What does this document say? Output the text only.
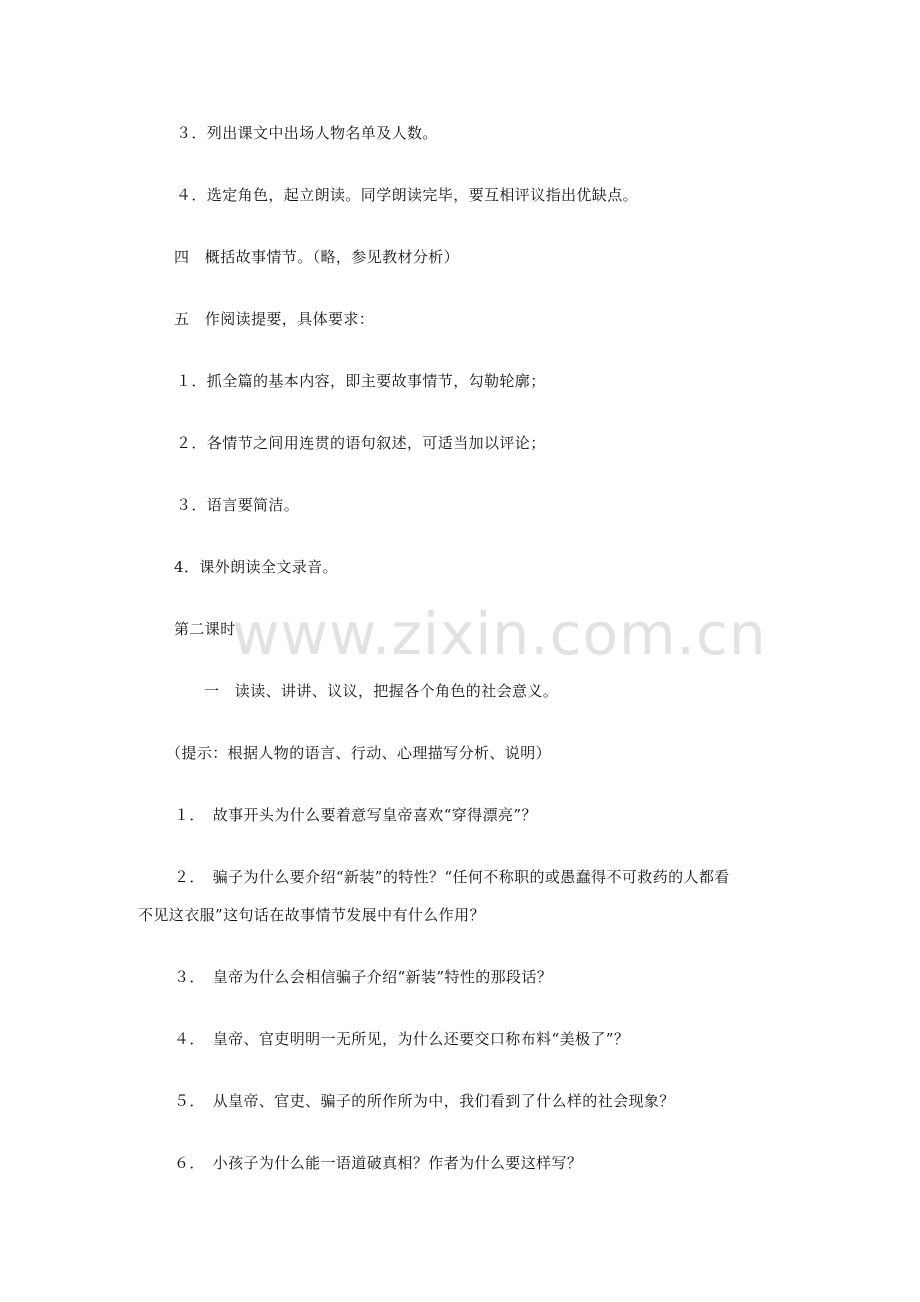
３．列出课文中出场人物名单及人数。
４．选定角色，起立朗读。同学朗读完毕，要互相评议指出优缺点。
四　概括故事情节。（略，参见教材分析）
五　作阅读提要，具体要求：
１．抓全篇的基本内容，即主要故事情节，勾勒轮廓；
２．各情节之间用连贯的语句叙述，可适当加以评论；
３．语言要简洁。
4．课外朗读全文录音。
第二课时
一　读读、讲讲、议议，把握各个角色的社会意义。
（提示：根据人物的语言、行动、心理描写分析、说明）
１．　故事开头为什么要着意写皇帝喜欢“穿得漂亮”？
２．　骗子为什么要介绍“新装”的特性？“任何不称职的或愚蠢得不可救药的人都看
不见这衣服”这句话在故事情节发展中有什么作用？
３．　皇帝为什么会相信骗子介绍“新装”特性的那段话？
４．　皇帝、官吏明明一无所见，为什么还要交口称布料“美极了”？
５．　从皇帝、官吏、骗子的所作所为中，我们看到了什么样的社会现象？
６．　小孩子为什么能一语道破真相？作者为什么要这样写？
www.zixin.com.cn
